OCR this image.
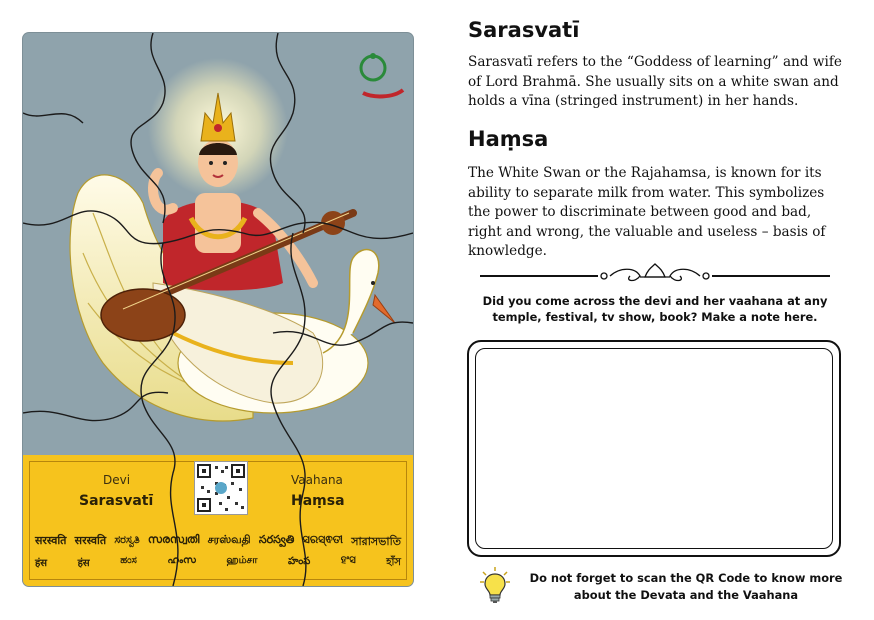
Devi
Sarasvatī
Vaahana
Haṃsa
सरस्वति सरस्वति ಸರಸ್ವತಿ സരസ്വതി சரஸ்வதி సరస్వతి ସରସ୍ଵତୀ সারাসভাতি
हंस	हंस	ಹಂಸ	ഹംസ	ஹம்சா	హంస	ହଂସ	হাঁস
Sarasvatī

Sarasvatī refers to the “Goddess of learning” and wife of Lord Brahmā. She usually sits on a white swan and holds a vīna (stringed instrument) in her hands.

Haṃsa

The White Swan or the Rajahamsa, is known for its ability to separate milk from water. This symbolizes the power to discriminate between good and bad, right and wrong, the valuable and useless – basis of knowledge.

Did you come across the devi and her vaahana at any temple, festival, tv show, book? Make a note here.
Do not forget to scan the QR Code to know more about the Devata and the Vaahana
